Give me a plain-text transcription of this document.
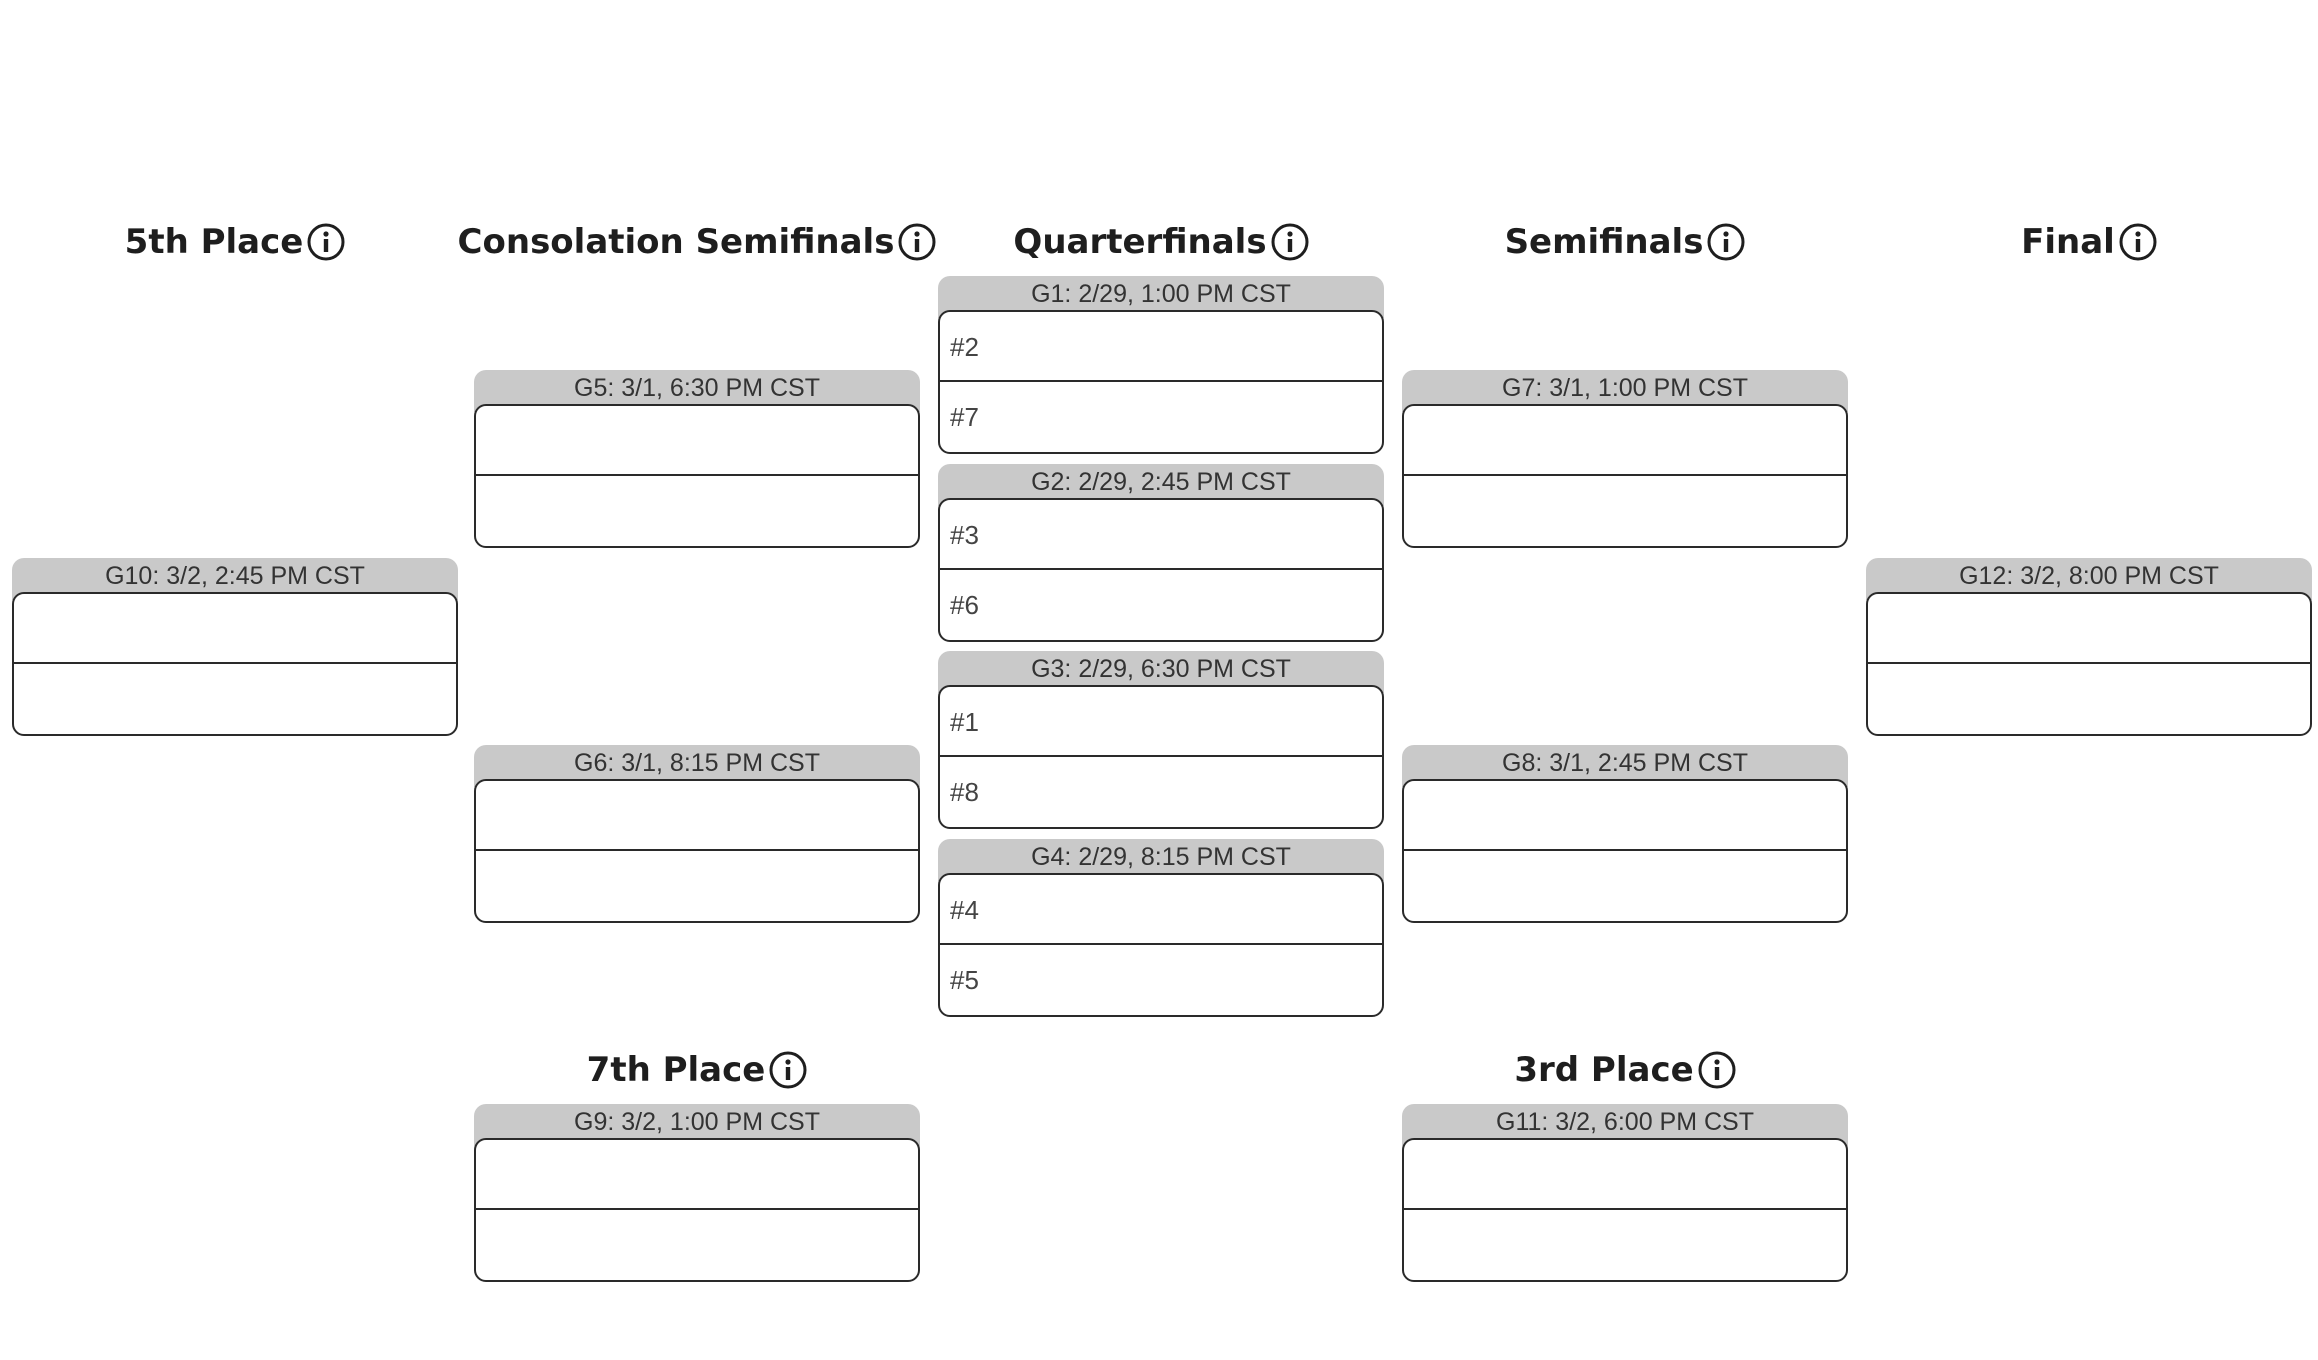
5th Place	Consolation Semifinals	Quarterfinals	Semifinals	Final
7th Place	3rd Place
G1: 2/29, 1:00 PM CST
#2
#7
G2: 2/29, 2:45 PM CST
#3
#6
G3: 2/29, 6:30 PM CST
#1
#8
G4: 2/29, 8:15 PM CST
#4
#5
G5: 3/1, 6:30 PM CST
G6: 3/1, 8:15 PM CST
G7: 3/1, 1:00 PM CST
G8: 3/1, 2:45 PM CST
G10: 3/2, 2:45 PM CST	G12: 3/2, 8:00 PM CST
G9: 3/2, 1:00 PM CST	G11: 3/2, 6:00 PM CST
